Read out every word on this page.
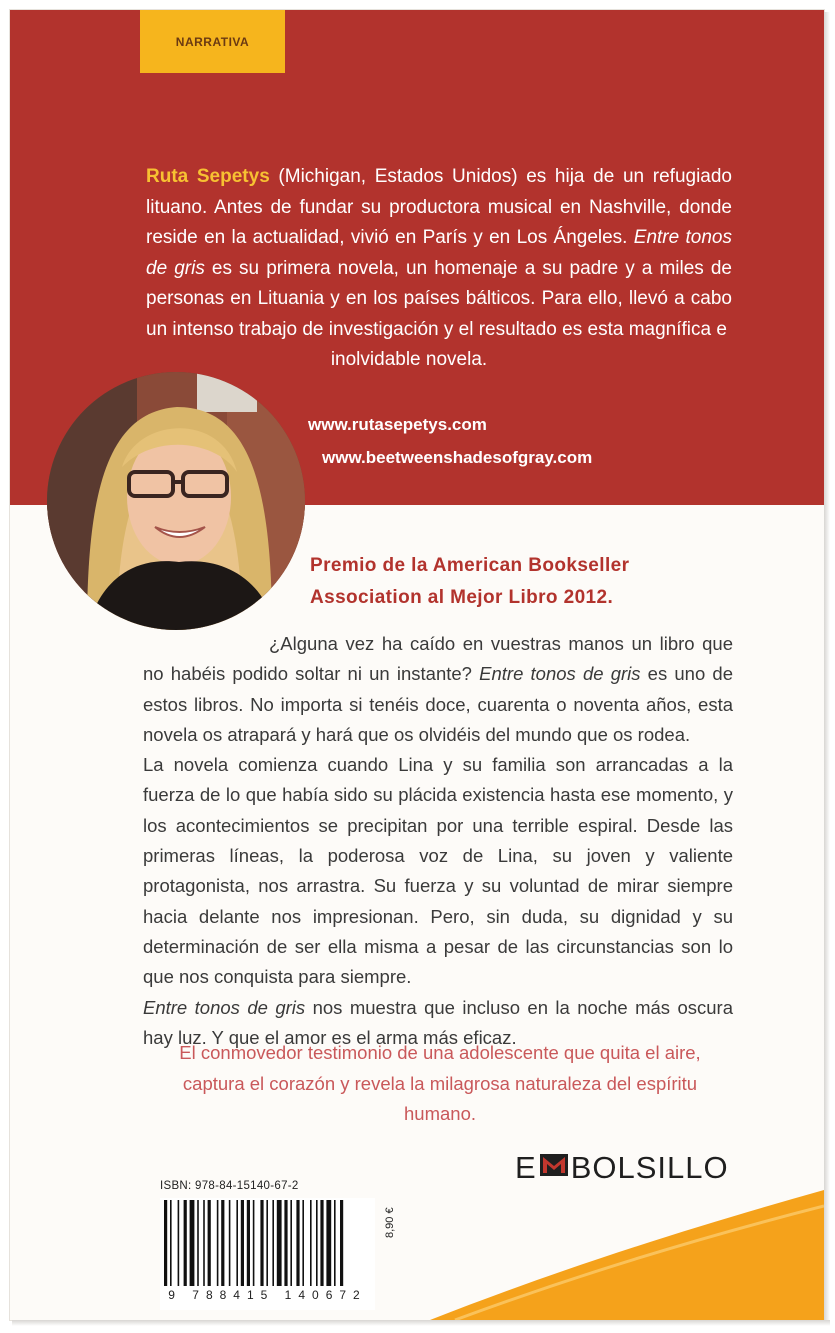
NARRATIVA
Ruta Sepetys (Michigan, Estados Unidos) es hija de un refugiado lituano. Antes de fundar su productora musical en Nashville, donde reside en la actualidad, vivió en París y en Los Ángeles. Entre tonos de gris es su primera novela, un homenaje a su padre y a miles de personas en Lituania y en los países bálticos. Para ello, llevó a cabo un intenso trabajo de investigación y el resultado es esta magnífica e
inolvidable novela.
www.rutasepetys.com
www.beetweenshadesofgray.com
Premio de la American Bookseller
Association al Mejor Libro 2012.

¿Alguna vez ha caído en vuestras manos un libro que no habéis podido soltar ni un instante? Entre tonos de gris es uno de estos libros. No importa si tenéis doce, cuarenta o noventa años, esta novela os atrapará y hará que os olvidéis del mundo que os rodea.

La novela comienza cuando Lina y su familia son arrancadas a la fuerza de lo que había sido su plácida existencia hasta ese momento, y los acontecimientos se precipitan por una terrible espiral. Desde las primeras líneas, la poderosa voz de Lina, su joven y valiente protagonista, nos arrastra. Su fuerza y su voluntad de mirar siempre hacia delante nos impresionan. Pero, sin duda, su dignidad y su determinación de ser ella misma a pesar de las circunstancias son lo que nos conquista para siempre.

Entre tonos de gris nos muestra que incluso en la noche más oscura hay luz. Y que el amor es el arma más eficaz.

El conmovedor testimonio de una adolescente que quita el aire, captura el corazón y revela la milagrosa naturaleza del espíritu humano.
E BOLSILLO
ISBN: 978-84-15140-67-2
9 788415 140672
8,90 €
